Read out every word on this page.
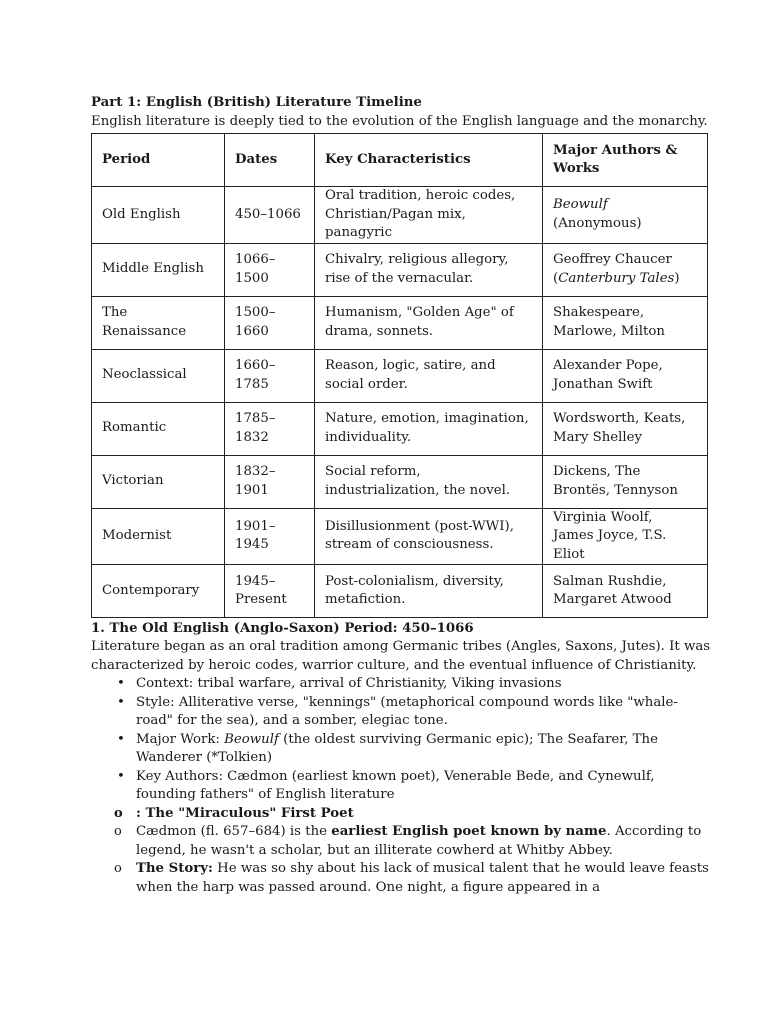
Part 1: English (British) Literature Timeline
English literature is deeply tied to the evolution of the English language and the monarchy.
Period	Dates	Key Characteristics	Major Authors & Works
Old English	450–1066	Oral tradition, heroic codes, Christian/Pagan mix, panagyric	Beowulf (Anonymous)
Middle English	1066–1500	Chivalry, religious allegory, rise of the vernacular.	Geoffrey Chaucer (Canterbury Tales)
The Renaissance	1500–1660	Humanism, "Golden Age" of drama, sonnets.	Shakespeare, Marlowe, Milton
Neoclassical	1660–1785	Reason, logic, satire, and social order.	Alexander Pope, Jonathan Swift
Romantic	1785–1832	Nature, emotion, imagination, individuality.	Wordsworth, Keats, Mary Shelley
Victorian	1832–1901	Social reform, industrialization, the novel.	Dickens, The Brontës, Tennyson
Modernist	1901–1945	Disillusionment (post-WWI), stream of consciousness.	Virginia Woolf, James Joyce, T.S. Eliot
Contemporary	1945–Present	Post-colonialism, diversity, metafiction.	Salman Rushdie, Margaret Atwood
1. The Old English (Anglo-Saxon) Period: 450–1066

Literature began as an oral tradition among Germanic tribes (Angles, Saxons, Jutes). It was characterized by heroic codes, warrior culture, and the eventual influence of Christianity.

• Context: tribal warfare, arrival of Christianity, Viking invasions
• Style: Alliterative verse, "kennings" (metaphorical compound words like "whale-road" for the sea), and a somber, elegiac tone.
• Major Work: Beowulf (the oldest surviving Germanic epic); The Seafarer, The Wanderer (*Tolkien)
• Key Authors: Cædmon (earliest known poet), Venerable Bede, and Cynewulf, founding fathers" of English literature
o : The "Miraculous" First Poet
o Cædmon (fl. 657–684) is the earliest English poet known by name. According to legend, he wasn't a scholar, but an illiterate cowherd at Whitby Abbey.
o The Story: He was so shy about his lack of musical talent that he would leave feasts when the harp was passed around. One night, a figure appeared in a
